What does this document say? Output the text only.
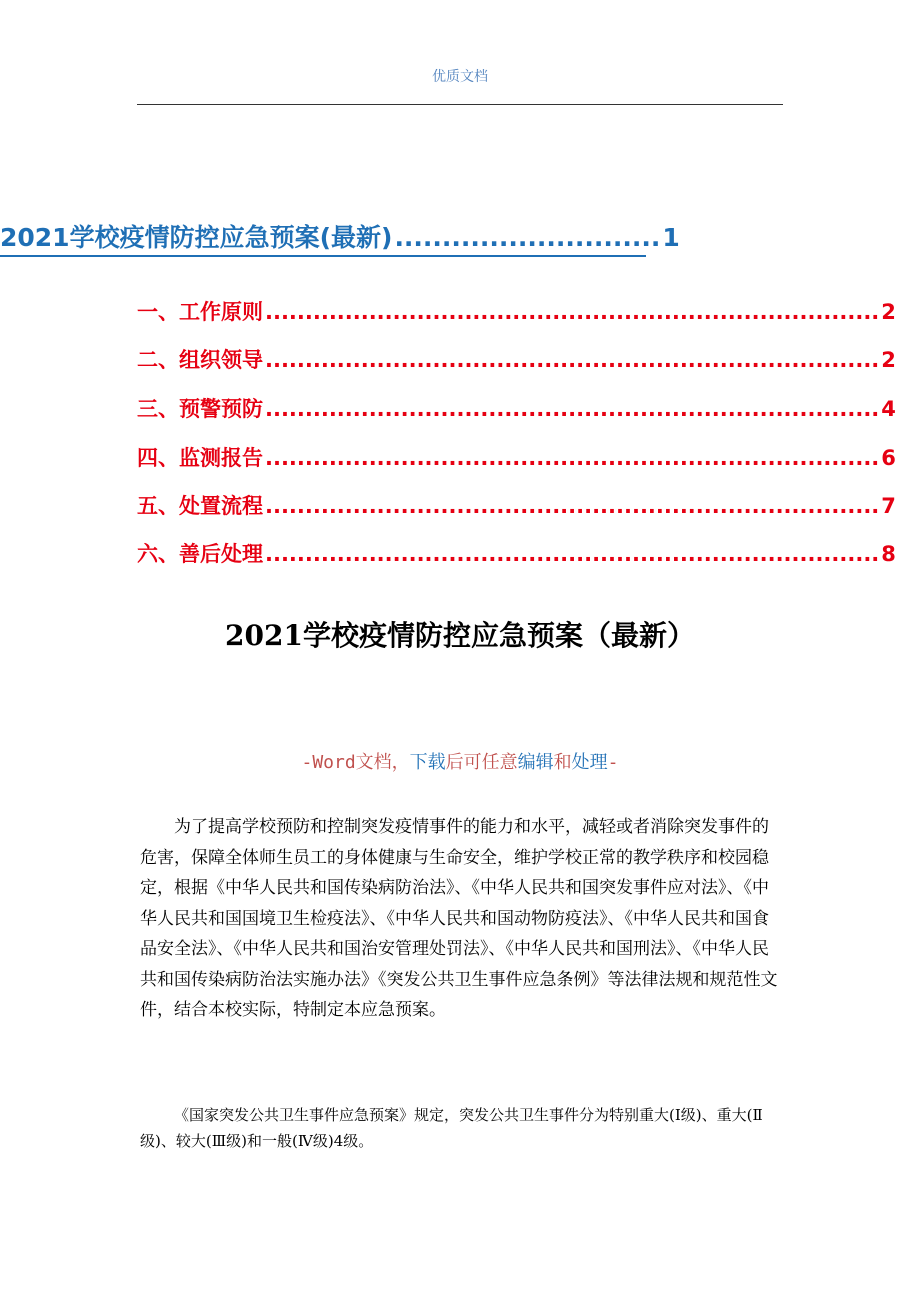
优质文档
2021学校疫情防控应急预案(最新) ............................ 1
一、工作原则 ............................................................................. 2
二、组织领导 ............................................................................. 2
三、预警预防 ............................................................................. 4
四、监测报告 ............................................................................. 6
五、处置流程 ............................................................................. 7
六、善后处理 ............................................................................. 8
2021学校疫情防控应急预案（最新）
-Word文档，下载后可任意编辑和处理-

为了提高学校预防和控制突发疫情事件的能力和水平，减轻或者消除突发事件的危害，保障全体师生员工的身体健康与生命安全，维护学校正常的教学秩序和校园稳定，根据《中华人民共和国传染病防治法》、《中华人民共和国突发事件应对法》、《中华人民共和国国境卫生检疫法》、《中华人民共和国动物防疫法》、《中华人民共和国食品安全法》、《中华人民共和国治安管理处罚法》、《中华人民共和国刑法》、《中华人民共和国传染病防治法实施办法》《突发公共卫生事件应急条例》等法律法规和规范性文件，结合本校实际，特制定本应急预案。

《国家突发公共卫生事件应急预案》规定，突发公共卫生事件分为特别重大(Ⅰ级)、重大(Ⅱ级)、较大(Ⅲ级)和一般(Ⅳ级)4级。
